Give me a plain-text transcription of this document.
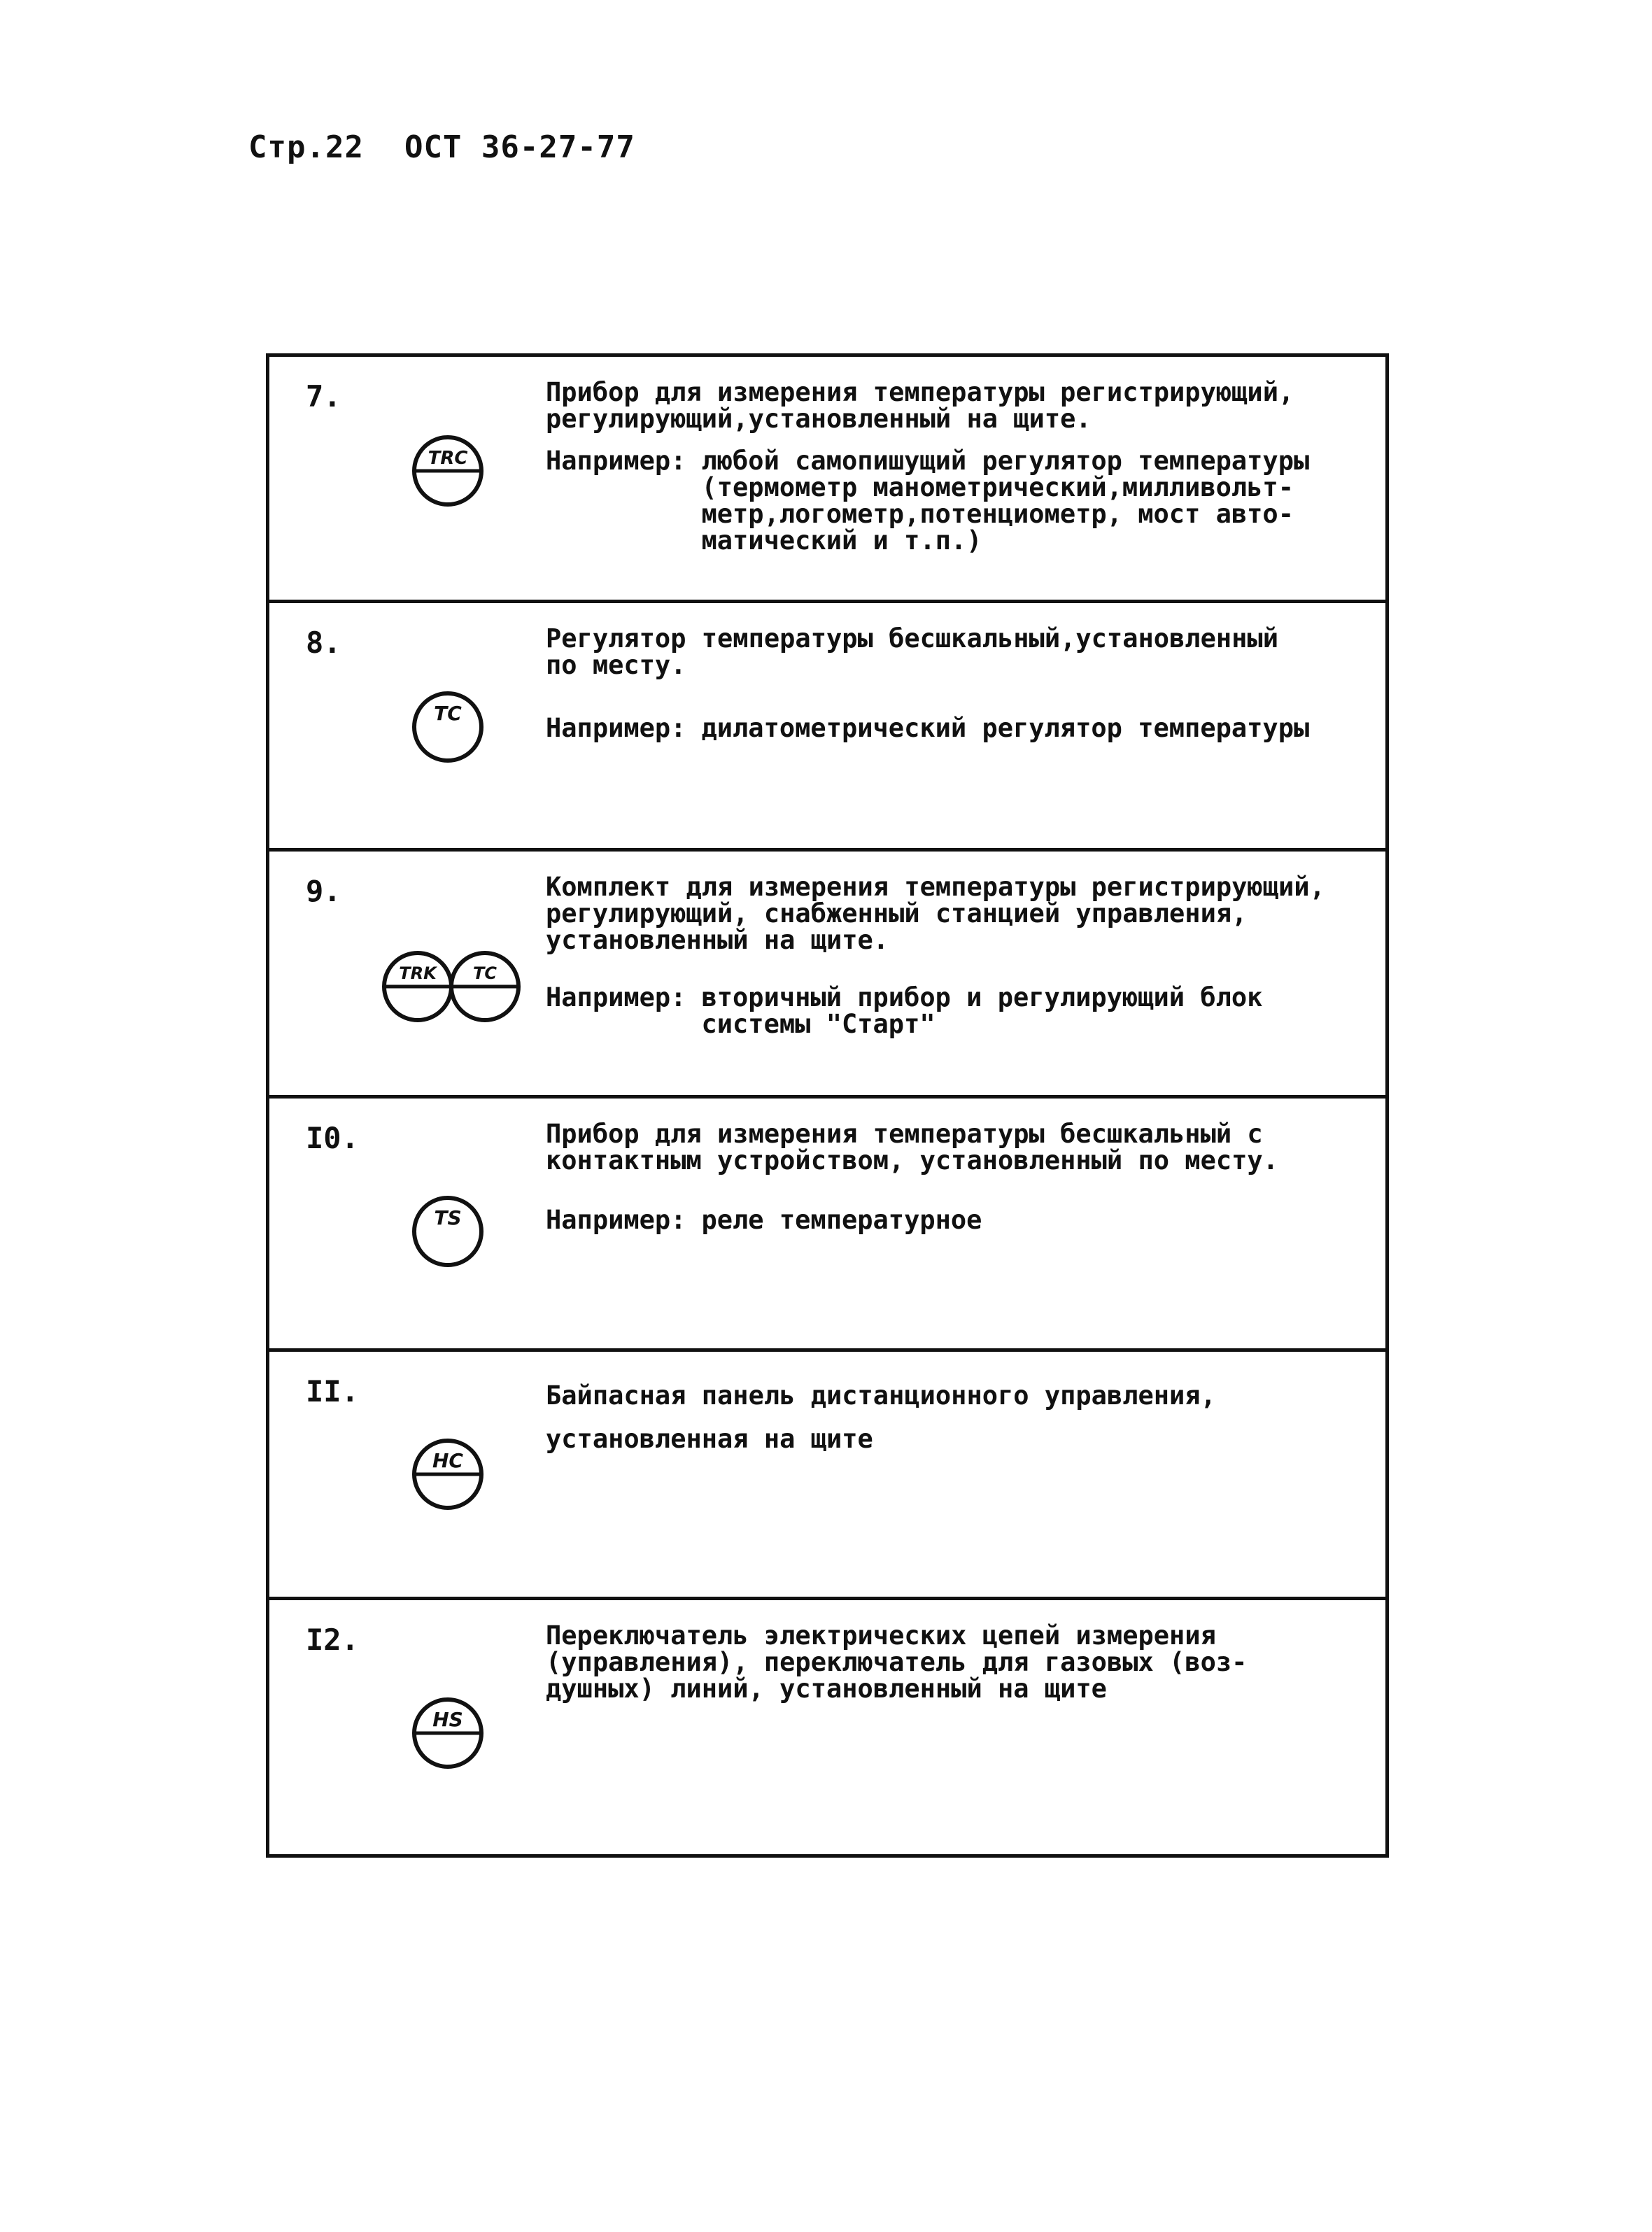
Стр.22 ОСТ 36-27-77
7.
TRC
Прибор для измерения температуры регистрирующий,
регулирующий,установленный на щите.
Например: любой самопишущий регулятор температуры
(термометр манометрический,милливольт-
метр,логометр,потенциометр, мост авто-
матический и т.п.)
8.
TC
Регулятор температуры бесшкальный,установленный
по месту.
Например: дилатометрический регулятор температуры
9.
TRK TC
Комплект для измерения температуры регистрирующий,
регулирующий, снабженный станцией управления,
установленный на щите.
Например: вторичный прибор и регулирующий блок
системы "Старт"
I0.
TS
Прибор для измерения температуры бесшкальный с
контактным устройством, установленный по месту.
Например: реле температурное
II.
HC
Байпасная панель дистанционного управления,
установленная на щите
I2.
HS
Переключатель электрических цепей измерения
(управления), переключатель для газовых (воз-
душных) линий, установленный на щите
